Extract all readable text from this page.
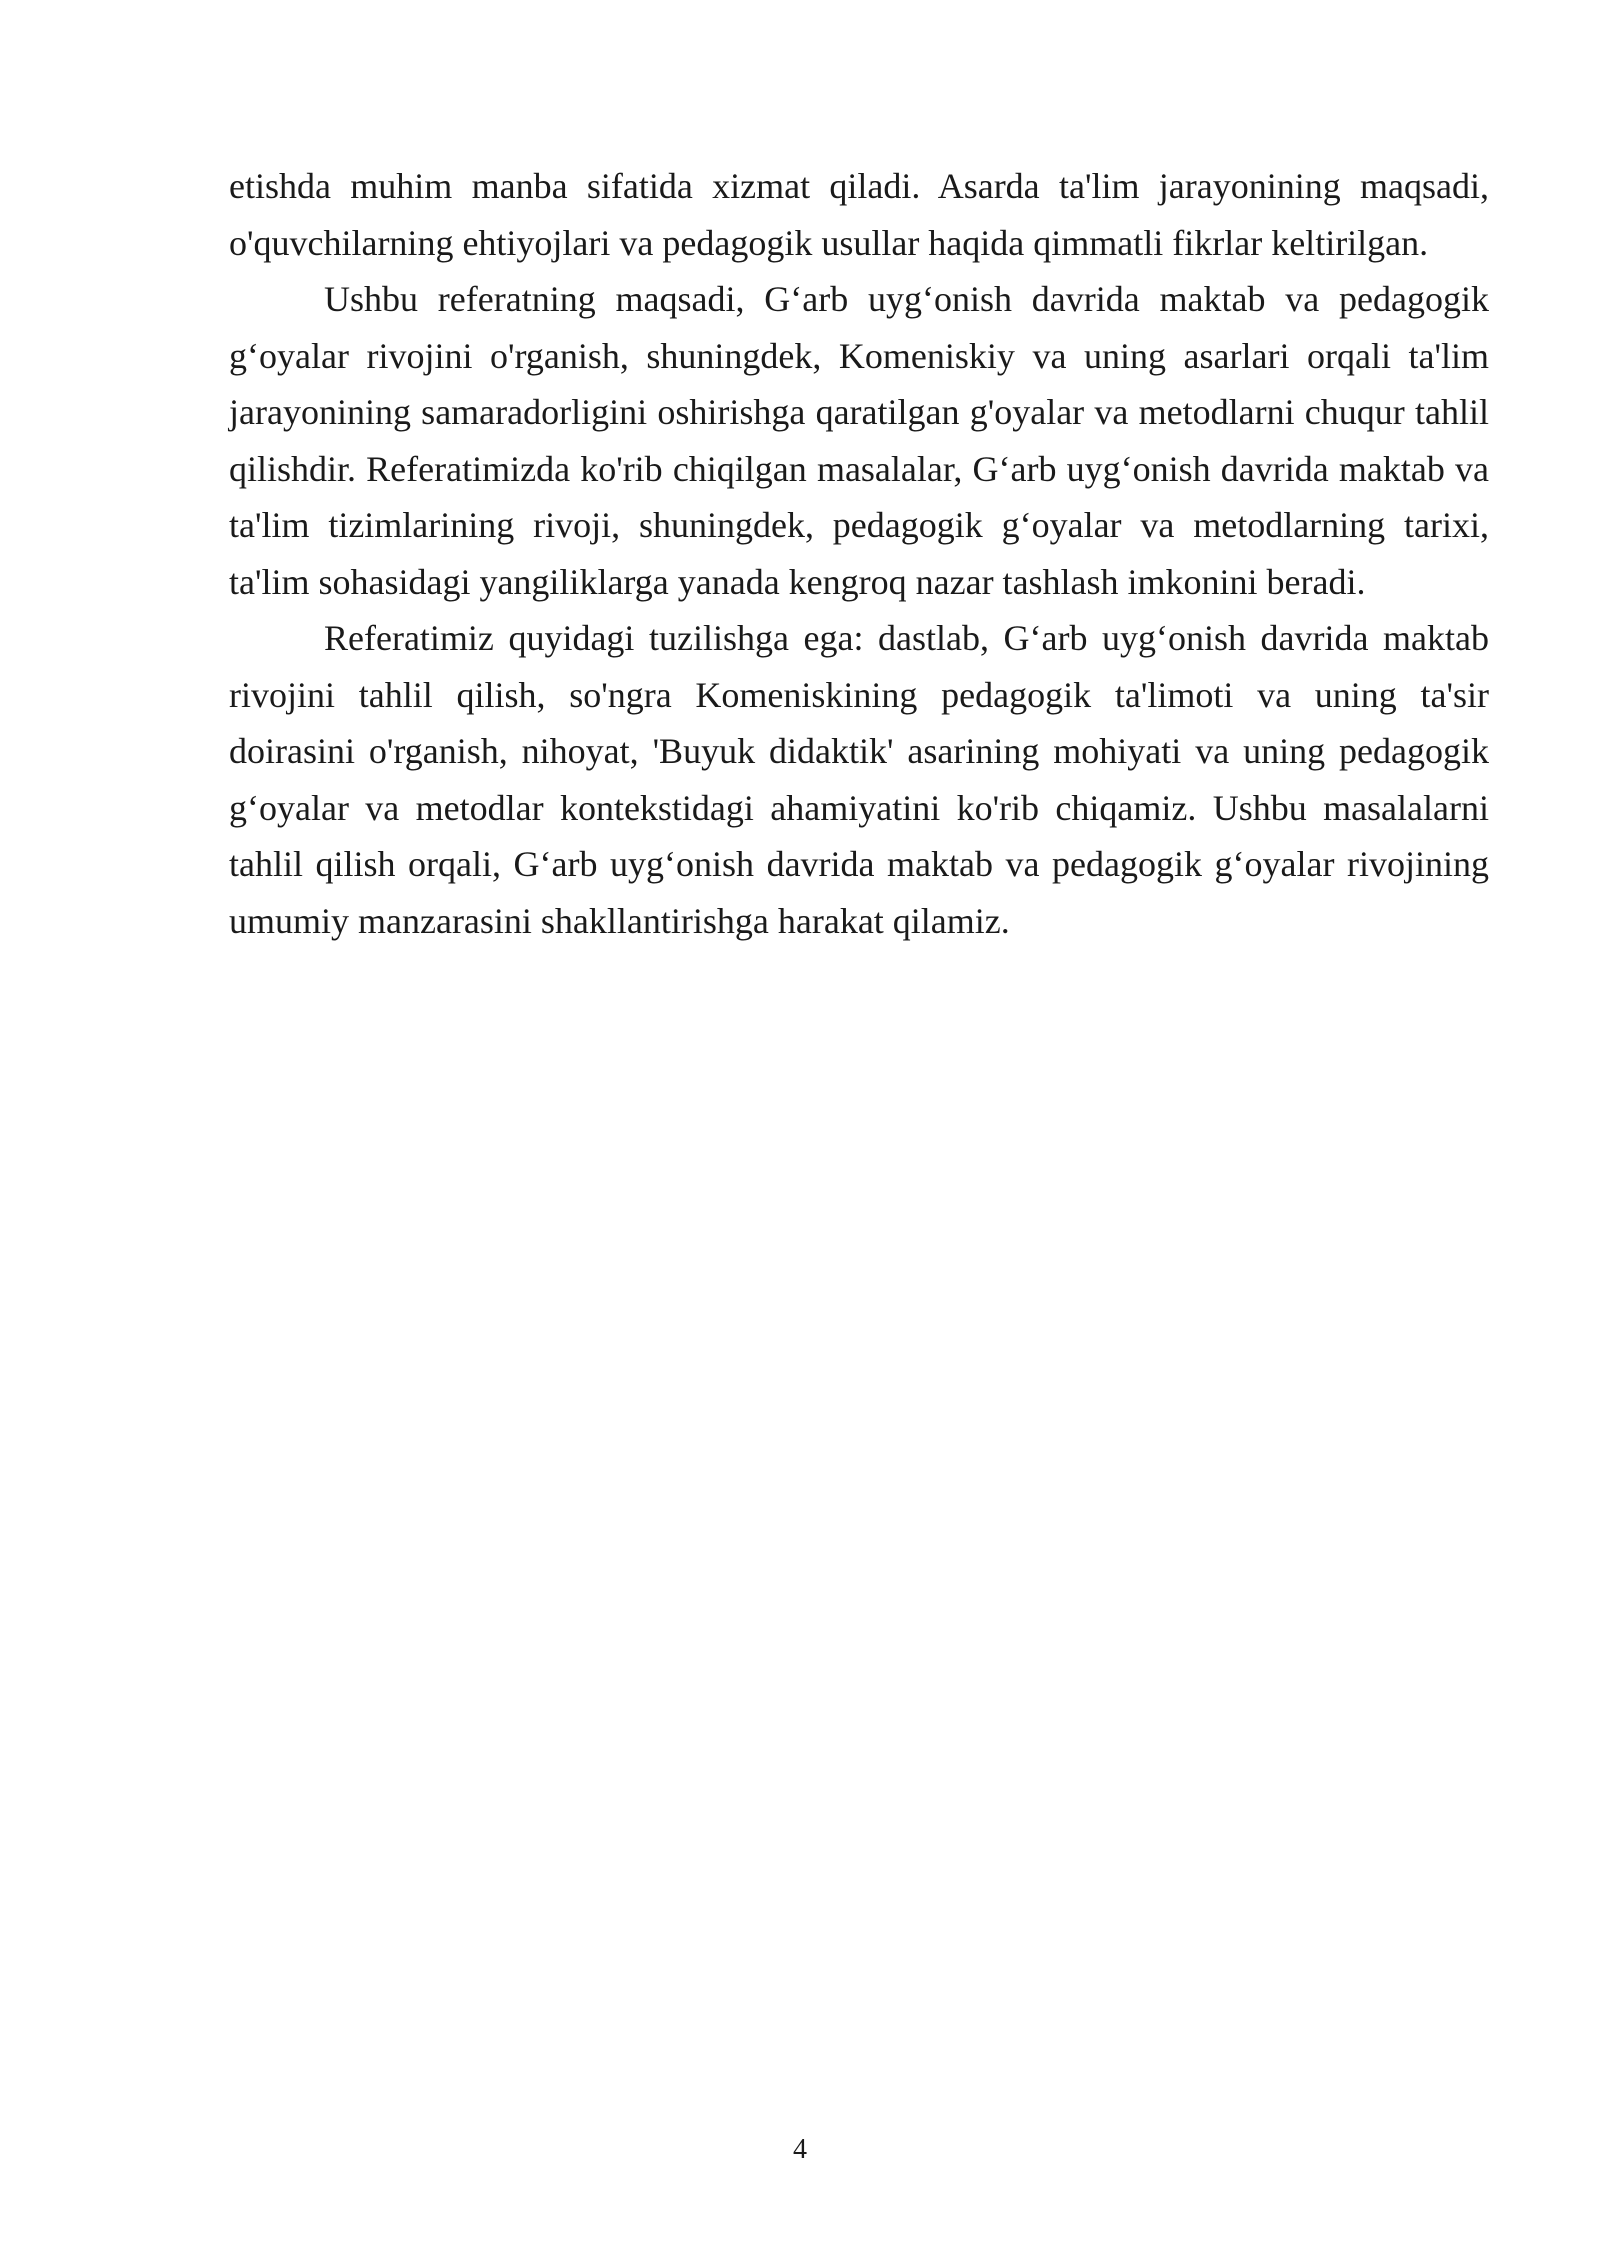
etishda muhim manba sifatida xizmat qiladi. Asarda ta'lim jarayonining maqsadi, o'quvchilarning ehtiyojlari va pedagogik usullar haqida qimmatli fikrlar keltirilgan.

Ushbu referatning maqsadi, G‘arb uyg‘onish davrida maktab va pedagogik g‘oyalar rivojini o'rganish, shuningdek, Komeniskiy va uning asarlari orqali ta'lim jarayonining samaradorligini oshirishga qaratilgan g'oyalar va metodlarni chuqur tahlil qilishdir. Referatimizda ko'rib chiqilgan masalalar, G‘arb uyg‘onish davrida maktab va ta'lim tizimlarining rivoji, shuningdek, pedagogik g‘oyalar va metodlarning tarixi, ta'lim sohasidagi yangiliklarga yanada kengroq nazar tashlash imkonini beradi.

Referatimiz quyidagi tuzilishga ega: dastlab, G‘arb uyg‘onish davrida maktab rivojini tahlil qilish, so'ngra Komeniskining pedagogik ta'limoti va uning ta'sir doirasini o'rganish, nihoyat, 'Buyuk didaktik' asarining mohiyati va uning pedagogik g‘oyalar va metodlar kontekstidagi ahamiyatini ko'rib chiqamiz. Ushbu masalalarni tahlil qilish orqali, G‘arb uyg‘onish davrida maktab va pedagogik g‘oyalar rivojining umumiy manzarasini shakllantirishga harakat qilamiz.

4
